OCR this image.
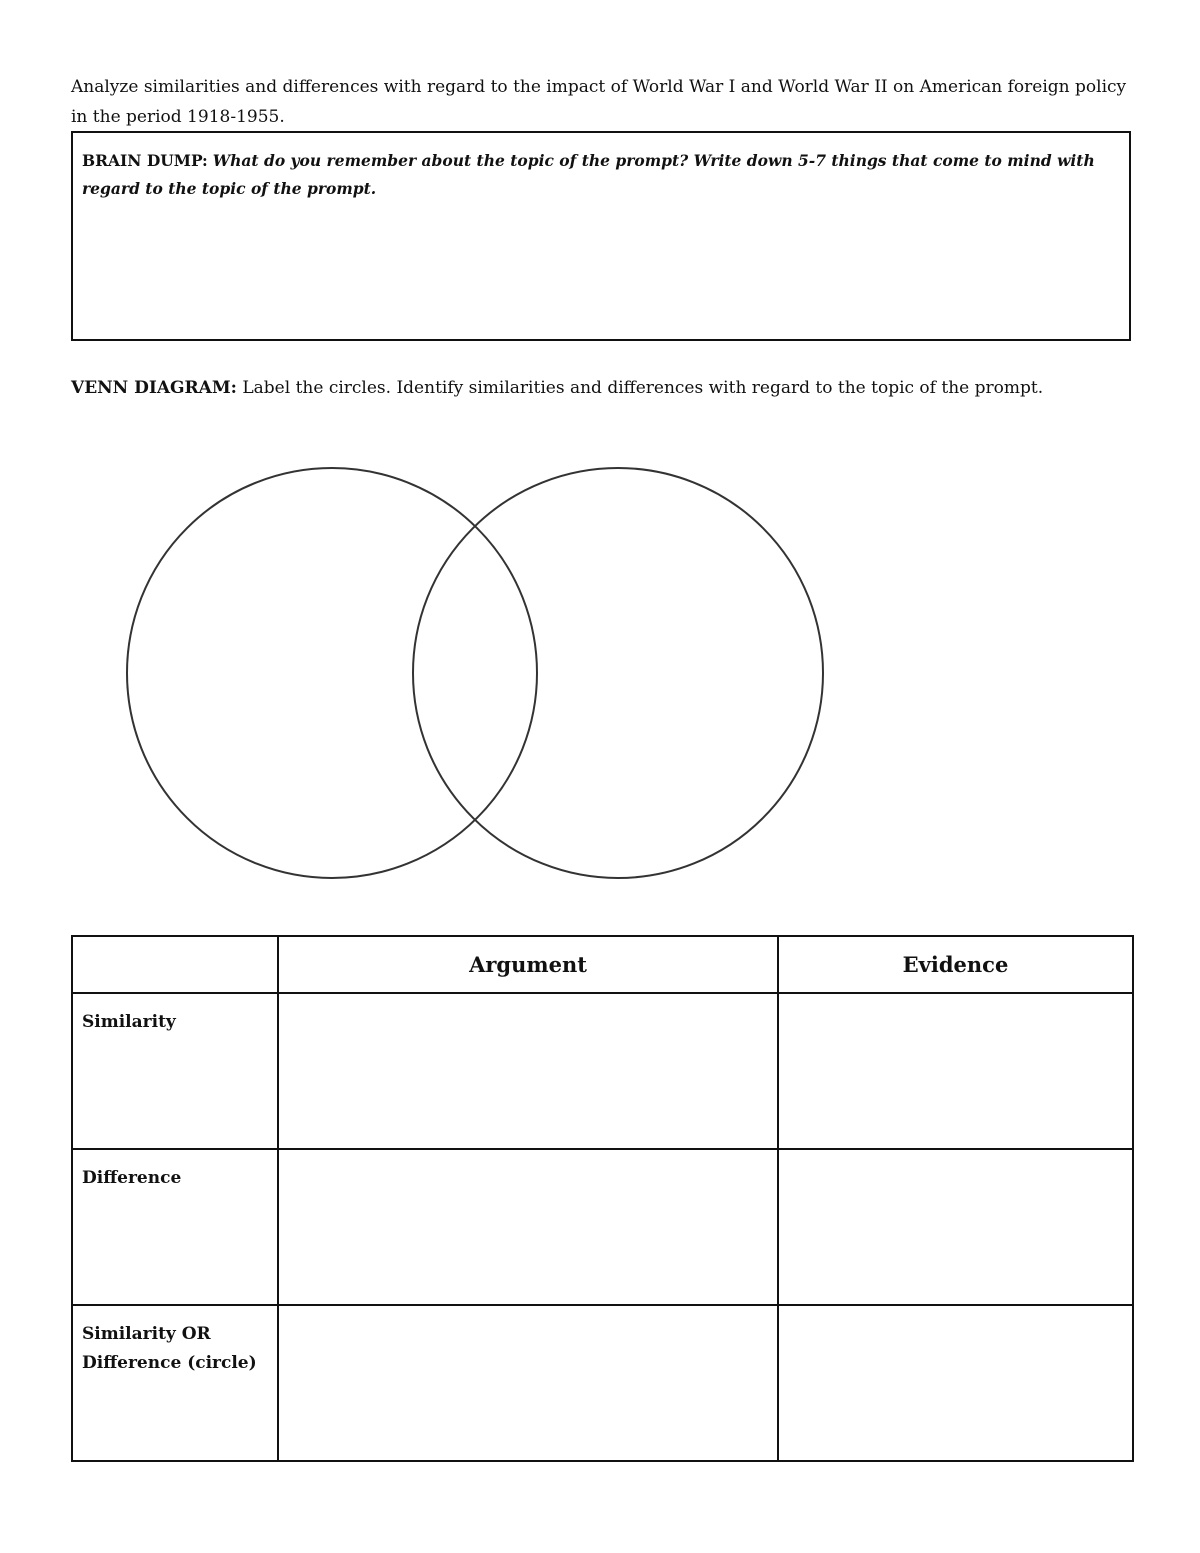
Analyze similarities and differences with regard to the impact of World War I and World War II on American foreign policy in the period 1918-1955.

BRAIN DUMP: What do you remember about the topic of the prompt? Write down 5-7 things that come to mind with regard to the topic of the prompt.

VENN DIAGRAM: Label the circles. Identify similarities and differences with regard to the topic of the prompt.

	Argument	Evidence
Similarity		
Difference		
Similarity OR Difference (circle)		
